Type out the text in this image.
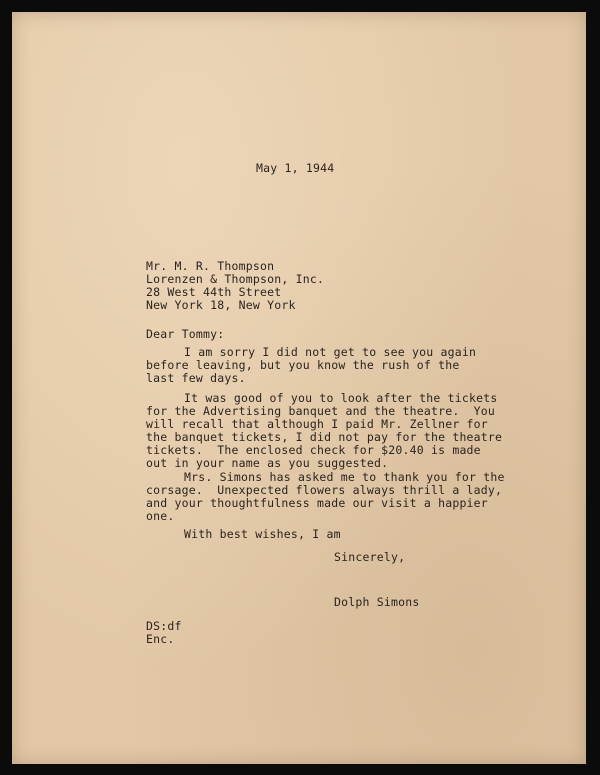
May 1, 1944
Mr. M. R. Thompson
Lorenzen & Thompson, Inc.
28 West 44th Street
New York 18, New York
Dear Tommy:
I am sorry I did not get to see you again
before leaving, but you know the rush of the
last few days.
It was good of you to look after the tickets
for the Advertising banquet and the theatre.  You
will recall that although I paid Mr. Zellner for
the banquet tickets, I did not pay for the theatre
tickets.  The enclosed check for $20.40 is made
out in your name as you suggested.
Mrs. Simons has asked me to thank you for the
corsage.  Unexpected flowers always thrill a lady,
and your thoughtfulness made our visit a happier
one.
With best wishes, I am
Sincerely,
Dolph Simons
DS:df
Enc.
